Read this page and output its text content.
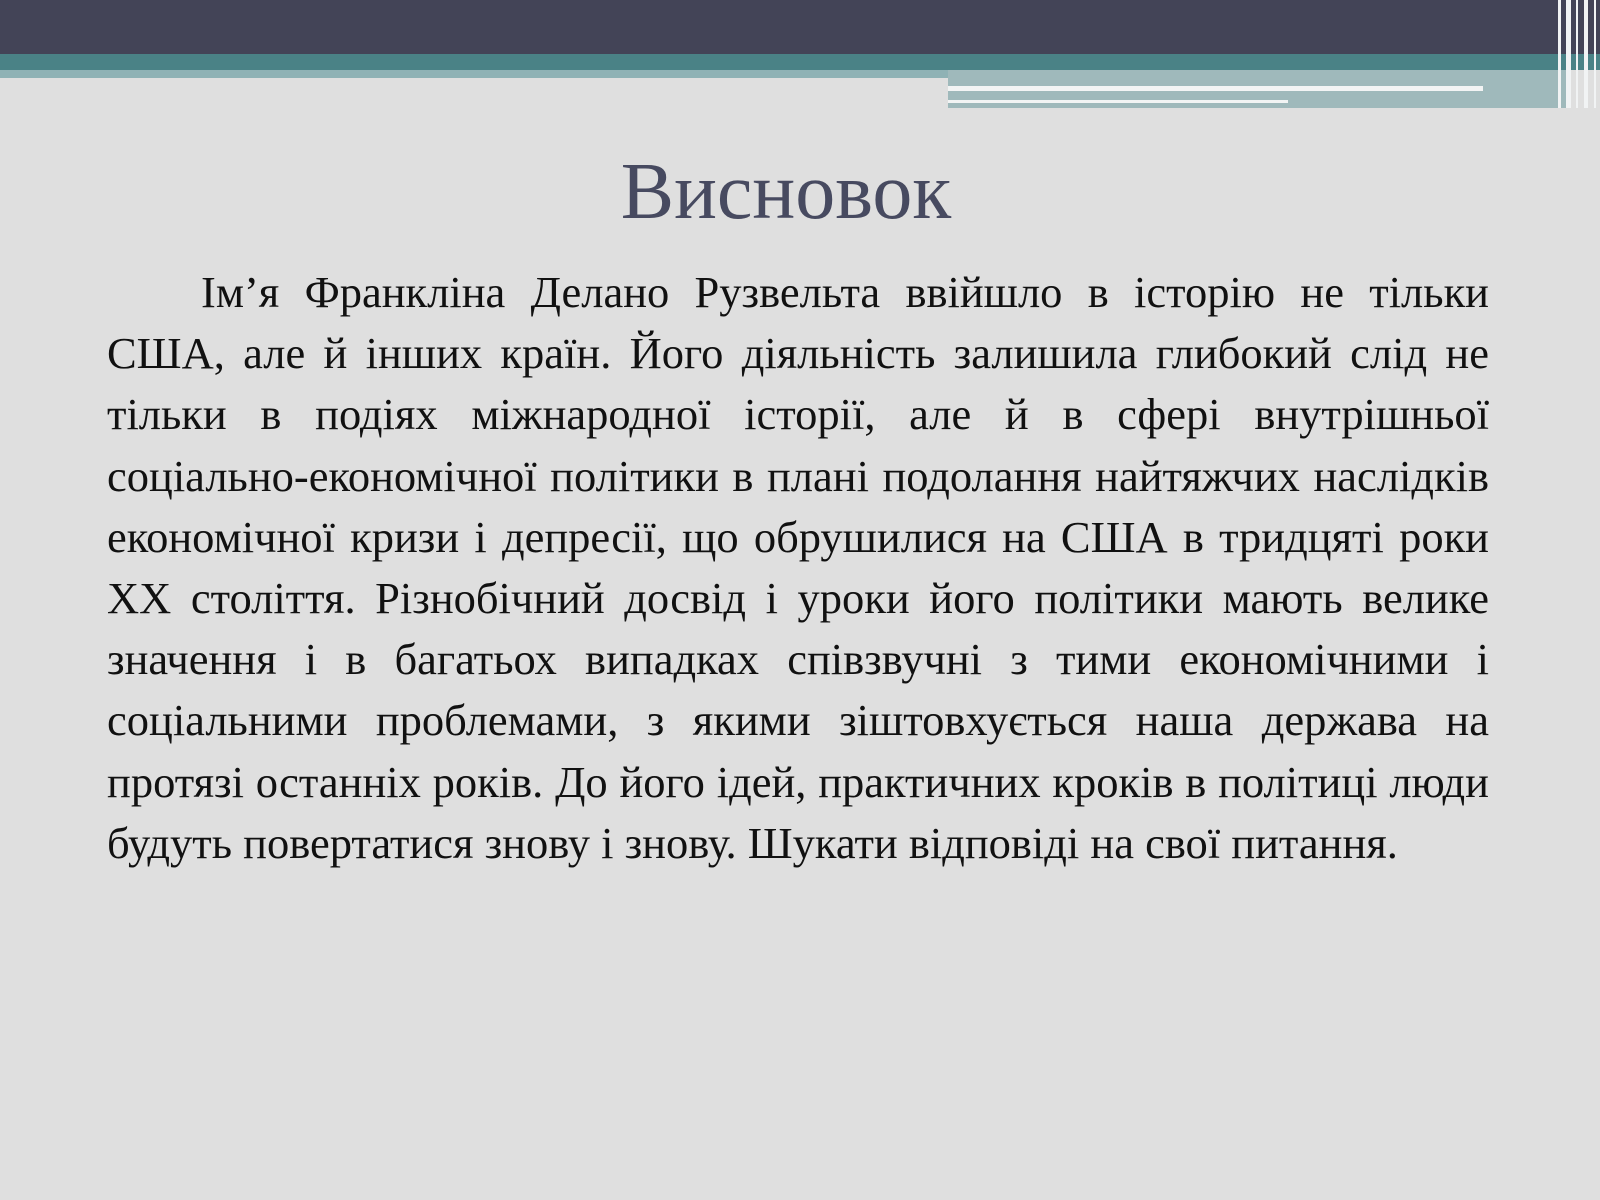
Висновок

Ім’я Франкліна Делано Рузвельта ввійшло в історію не тільки США, але й інших країн. Його діяльність залишила глибокий слід не тільки в подіях міжнародної історії, але й в сфері внутрішньої соціально-економічної політики в плані подолання найтяжчих наслідків економічної кризи і депресії, що обрушилися на США в тридцяті роки ХХ століття. Різнобічний досвід і уроки його політики мають велике значення і в багатьох випадках співзвучні з тими економічними і соціальними проблемами, з якими зіштовхується наша держава на протязі останніх років. До його ідей, практичних кроків в політиці люди будуть повертатися знову і знову. Шукати відповіді на свої питання.
